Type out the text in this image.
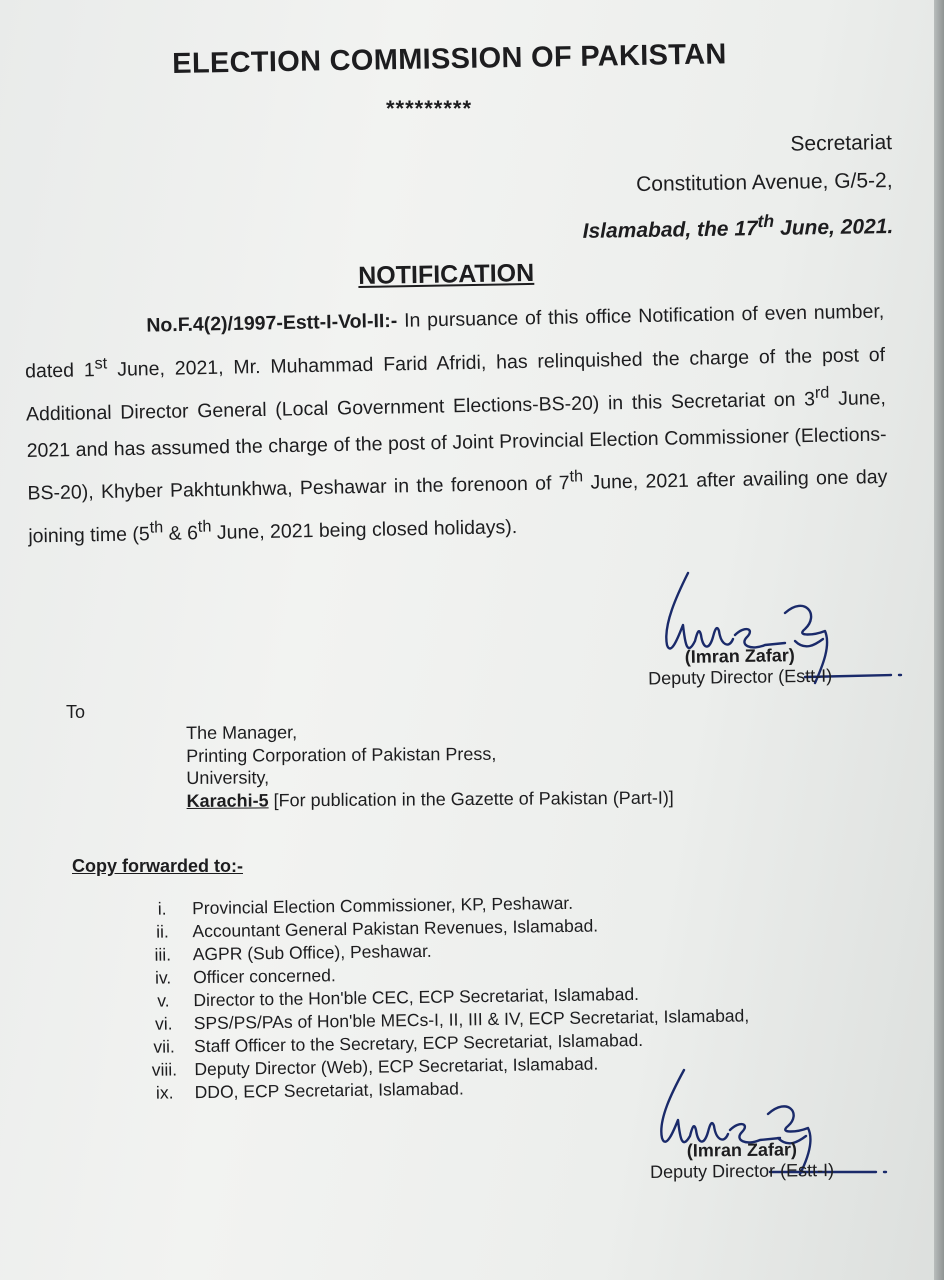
ELECTION COMMISSION OF PAKISTAN
*********
Secretariat
Constitution Avenue, G/5-2,
Islamabad, the 17th June, 2021.
NOTIFICATION
No.F.4(2)/1997-Estt-I-Vol-II:- In pursuance of this office Notification of even number, dated 1st June, 2021, Mr. Muhammad Farid Afridi, has relinquished the charge of the post of Additional Director General (Local Government Elections-BS-20) in this Secretariat on 3rd June, 2021 and has assumed the charge of the post of Joint Provincial Election Commissioner (Elections-BS-20), Khyber Pakhtunkhwa, Peshawar in the forenoon of 7th June, 2021 after availing one day joining time (5th & 6th June, 2021 being closed holidays).
(Imran Zafar)
Deputy Director (Estt-I)
To
The Manager,
Printing Corporation of Pakistan Press,
University,
Karachi-5 [For publication in the Gazette of Pakistan (Part-I)]
Copy forwarded to:-
i. Provincial Election Commissioner, KP, Peshawar.
ii. Accountant General Pakistan Revenues, Islamabad.
iii. AGPR (Sub Office), Peshawar.
iv. Officer concerned.
v. Director to the Hon'ble CEC, ECP Secretariat, Islamabad.
vi. SPS/PS/PAs of Hon'ble MECs-I, II, III & IV, ECP Secretariat, Islamabad,
vii. Staff Officer to the Secretary, ECP Secretariat, Islamabad.
viii. Deputy Director (Web), ECP Secretariat, Islamabad.
ix. DDO, ECP Secretariat, Islamabad.
(Imran Zafar)
Deputy Director (Estt-I)
